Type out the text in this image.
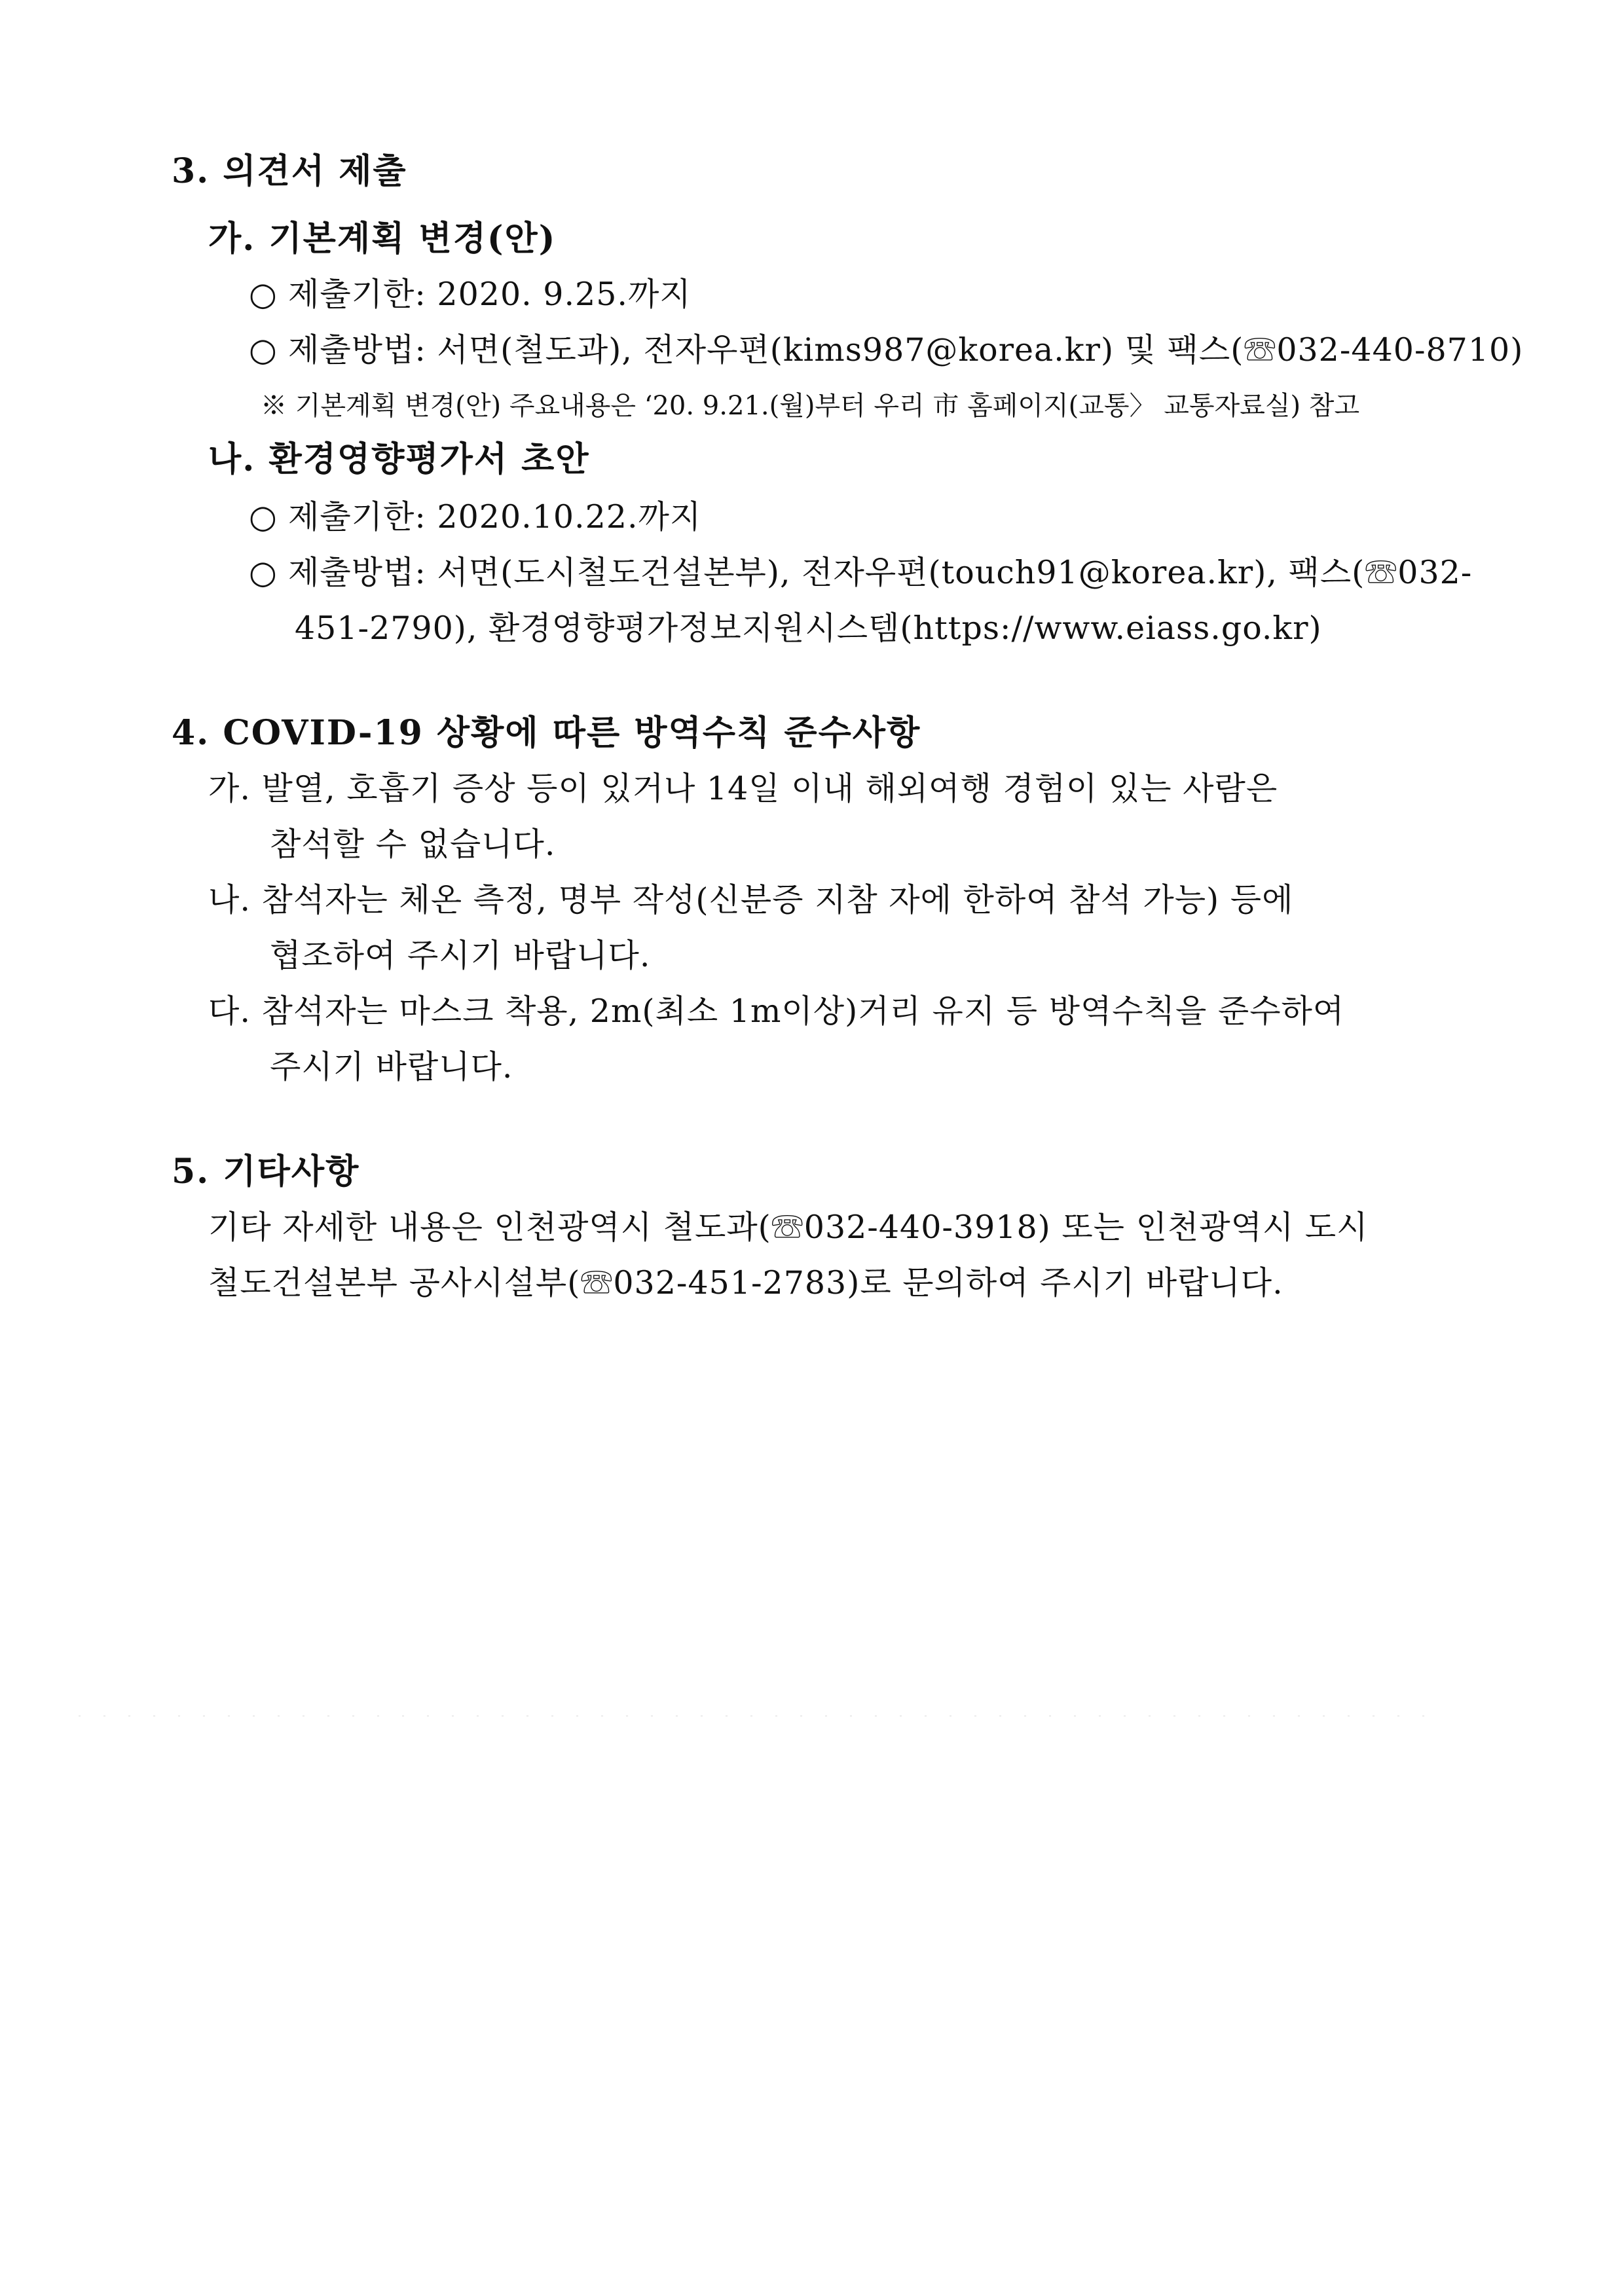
3. 의견서 제출
가. 기본계획 변경(안)
○ 제출기한: 2020. 9.25.까지
○ 제출방법: 서면(철도과), 전자우편(kims987@korea.kr) 및 팩스(☏032-440-8710)
※ 기본계획 변경(안) 주요내용은 ‘20. 9.21.(월)부터 우리 市 홈페이지(교통〉 교통자료실) 참고
나. 환경영향평가서 초안
○ 제출기한: 2020.10.22.까지
○ 제출방법: 서면(도시철도건설본부), 전자우편(touch91@korea.kr), 팩스(☏032-
451-2790), 환경영향평가정보지원시스템(https://www.eiass.go.kr)
4. COVID-19 상황에 따른 방역수칙 준수사항
가. 발열, 호흡기 증상 등이 있거나 14일 이내 해외여행 경험이 있는 사람은
참석할 수 없습니다.
나. 참석자는 체온 측정, 명부 작성(신분증 지참 자에 한하여 참석 가능) 등에
협조하여 주시기 바랍니다.
다. 참석자는 마스크 착용, 2m(최소 1m이상)거리 유지 등 방역수칙을 준수하여
주시기 바랍니다.
5. 기타사항
기타 자세한 내용은 인천광역시 철도과(☏032-440-3918) 또는 인천광역시 도시
철도건설본부 공사시설부(☏032-451-2783)로 문의하여 주시기 바랍니다.
